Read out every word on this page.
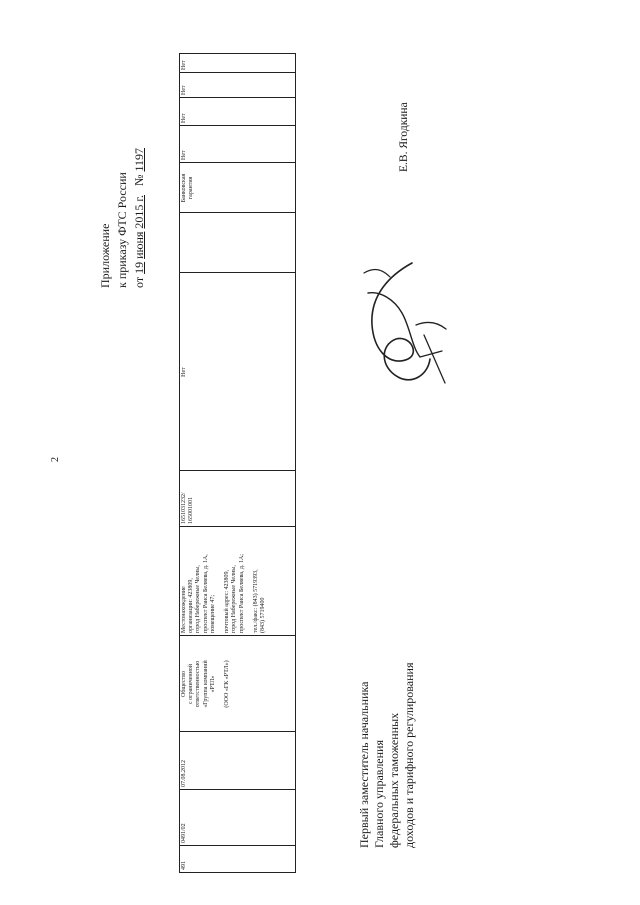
2
Приложение к приказу ФТС России от 19 июня 2015 г.   № 1197
491
0491/02
07.08.2012
Общество
с ограниченной
ответственностью
«Группа компаний
«РТЛ»

(ООО «ГК «РТЛ»)
Местонахождение
организации: 423809,
город Набережные Челны,
проспект Раиса Беляева, д. 1А,
помещение 47;

почтовый адрес: 423809,
город Набережные Челны,
проспект Раиса Беляева, д. 1А;

тел./факс: (843) 5719393,
(843) 5719400
1651031232/
165001001
Нет
Банковская
гарантия
Нет
Нет
Нет
Нет
Первый заместитель начальника Главного управления федеральных таможенных доходов и тарифного регулирования
Е.В. Ягодкина
